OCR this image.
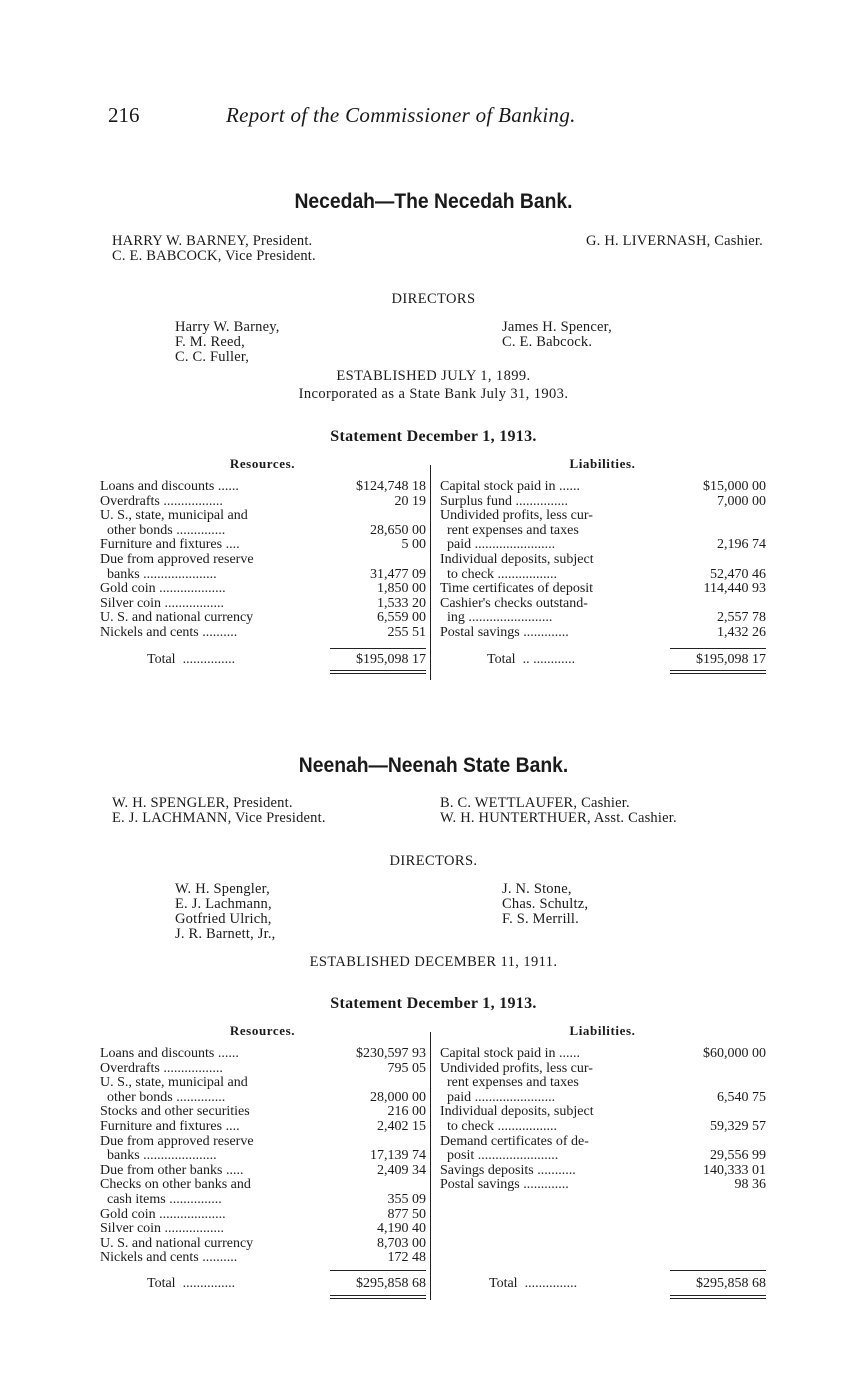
216	Report of the Commissioner of Banking.
Necedah—The Necedah Bank.
HARRY W. BARNEY, President.
C. E. BABCOCK, Vice President.
G. H. LIVERNASH, Cashier.
DIRECTORS
Harry W. Barney,
F. M. Reed,
C. C. Fuller,
James H. Spencer,
C. E. Babcock.
ESTABLISHED JULY 1, 1899.
Incorporated as a State Bank July 31, 1903.
Statement December 1, 1913.
Resources.	Liabilities.
Loans and discounts ......	$124,748 18
Overdrafts .................	20 19
U. S., state, municipal and
other bonds ..............	28,650 00
Furniture and fixtures ....	5 00
Due from approved reserve
banks .....................	31,477 09
Gold coin ...................	1,850 00
Silver coin .................	1,533 20
U. S. and national currency	6,559 00
Nickels and cents ..........	255 51
Capital stock paid in ......	$15,000 00
Surplus fund ...............	7,000 00
Undivided profits, less cur-
rent expenses and taxes
paid .......................	2,196 74
Individual deposits, subject
to check .................	52,470 46
Time certificates of deposit	114,440 93
Cashier's checks outstand-
ing ........................	2,557 78
Postal savings .............	1,432 26
Total ...............	$195,098 17	Total .. ............	$195,098 17
Neenah—Neenah State Bank.
W. H. SPENGLER, President.
E. J. LACHMANN, Vice President.
B. C. WETTLAUFER, Cashier.
W. H. HUNTERTHUER, Asst. Cashier.
DIRECTORS.
W. H. Spengler,
E. J. Lachmann,
Gotfried Ulrich,
J. R. Barnett, Jr.,
J. N. Stone,
Chas. Schultz,
F. S. Merrill.
ESTABLISHED DECEMBER 11, 1911.
Statement December 1, 1913.
Resources.	Liabilities.
Loans and discounts ......	$230,597 93
Overdrafts .................	795 05
U. S., state, municipal and
other bonds ..............	28,000 00
Stocks and other securities	216 00
Furniture and fixtures ....	2,402 15
Due from approved reserve
banks .....................	17,139 74
Due from other banks .....	2,409 34
Checks on other banks and
cash items ...............	355 09
Gold coin ...................	877 50
Silver coin .................	4,190 40
U. S. and national currency	8,703 00
Nickels and cents ..........	172 48
Capital stock paid in ......	$60,000 00
Undivided profits, less cur-
rent expenses and taxes
paid .......................	6,540 75
Individual deposits, subject
to check .................	59,329 57
Demand certificates of de-
posit .......................	29,556 99
Savings deposits ...........	140,333 01
Postal savings .............	98 36
Total ...............	$295,858 68	Total ...............	$295,858 68
